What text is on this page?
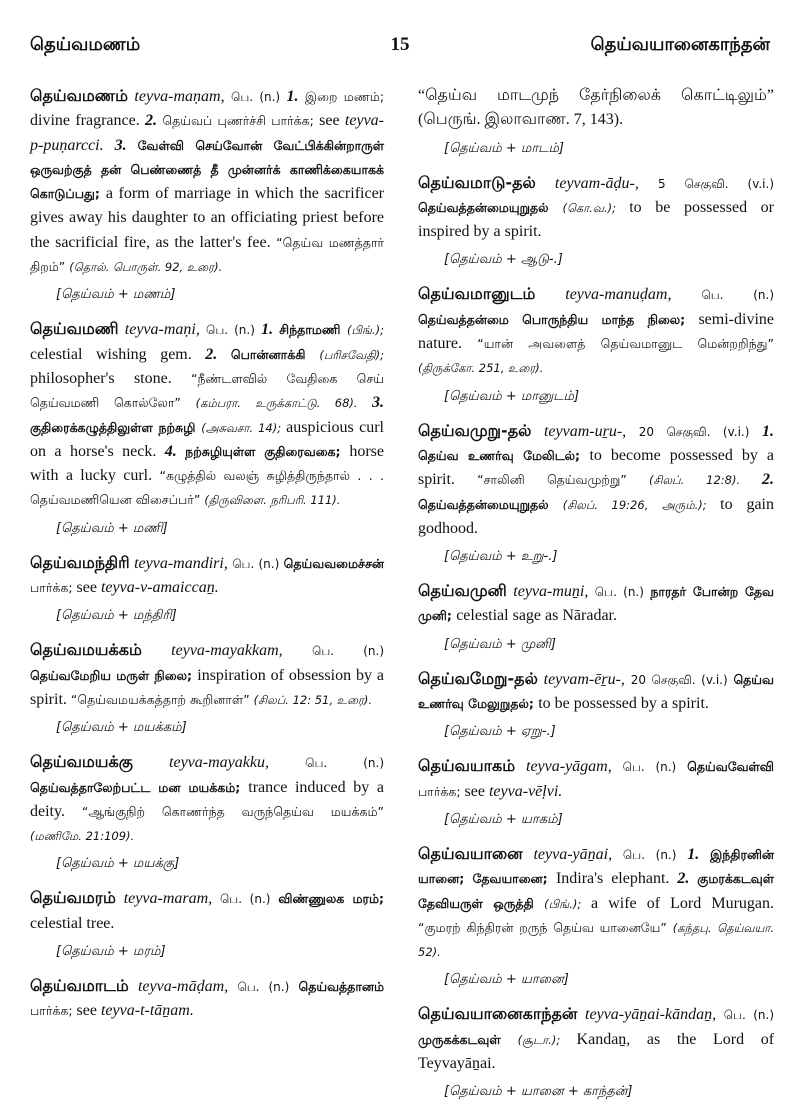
தெய்வமணம்	15	தெய்வயானைகாந்தன்

தெய்வமணம் teyva-maṇam, பெ. (n.) 1. இறை மணம்; divine fragrance. 2. தெய்வப் புணர்ச்சி பார்க்க; see teyva-p-puṇarcci. 3. வேள்வி செய்வோன் வேட்பிக்கின்றாருள் ஒருவற்குத் தன் பெண்ணைத் தீ முன்னர்க் காணிக்கையாகக் கொடுப்பது; a form of marriage in which the sacrificer gives away his daughter to an officiating priest before the sacrificial fire, as the latter's fee. “தெய்வ மணத்தார் திறம்” (தொல். பொருள். 92, உரை).

[தெய்வம் + மணம்]

தெய்வமணி teyva-maṇi, பெ. (n.) 1. சிந்தாமணி (பிங்.); celestial wishing gem. 2. பொன்னாக்கி (பரிசவேதி); philosopher's stone. “நீண்டளவில் வேதிகை செய் தெய்வமணி கொல்லோ” (கம்பரா. உருக்காட்டு. 68). 3. குதிரைக்கழுத்திலுள்ள நற்சுழி (அசுவசா. 14); auspicious curl on a horse's neck. 4. நற்சுழியுள்ள குதிரைவகை; horse with a lucky curl. “கழுத்தில் வலஞ் சுழித்திருந்தால் . . . தெய்வமணியென விசைப்பர்” (திருவிளை. நரிபரி. 111).

[தெய்வம் + மணி]

தெய்வமந்திரி teyva-mandiri, பெ. (n.) தெய்வவமைச்சன் பார்க்க; see teyva-v-amaiccaṉ.

[தெய்வம் + மந்திரி]

தெய்வமயக்கம் teyva-mayakkam, பெ. (n.) தெய்வமேறிய மருள் நிலை; inspiration of obsession by a spirit. “தெய்வமயக்கத்தாற் கூறினாள்” (சிலப். 12: 51, உரை).

[தெய்வம் + மயக்கம்]

தெய்வமயக்கு teyva-mayakku,	பெ. (n.) தெய்வத்தாலேற்பட்ட மன மயக்கம்; trance induced by a deity. “ஆங்குநிற் கொணர்ந்த வருந்தெய்வ மயக்கம்” (மணிமே. 21:109).

[தெய்வம் + மயக்கு]

தெய்வமரம் teyva-maram, பெ. (n.) விண்ணுலக மரம்; celestial tree.

[தெய்வம் + மரம்]

தெய்வமாடம் teyva-māḍam, பெ. (n.) தெய்வத்தானம் பார்க்க; see teyva-t-tāṉam.

“தெய்வ மாடமுந் தேர்நிலைக் கொட்டிலும்” (பெருங். இலாவாண. 7, 143).

[தெய்வம் + மாடம்]

தெய்வமாடு-தல் teyvam-āḍu-, 5 செகுவி. (v.i.) தெய்வத்தன்மையுறுதல் (கொ.வ.); to be possessed or inspired by a spirit.

[தெய்வம் + ஆடு-.]

தெய்வமானுடம் teyva-manuḍam, பெ. (n.) தெய்வத்தன்மை பொருந்திய மாந்த நிலை; semi-divine nature. “யான் அவளைத் தெய்வமானுட மென்றறிந்து” (திருக்கோ. 251, உரை).

[தெய்வம் + மானுடம்]

தெய்வமுறு-தல் teyvam-uṟu-, 20 செகுவி. (v.i.) 1. தெய்வ உணர்வு மேலிடல்; to become possessed by a spirit. “சாலினி தெய்வமுற்று” (சிலப். 12:8). 2. தெய்வத்தன்மையுறுதல் (சிலப். 19:26, அரும்.); to gain godhood.

[தெய்வம் + உறு-.]

தெய்வமுனி teyva-muṉi, பெ. (n.) நாரதர் போன்ற தேவ முனி; celestial sage as Nāradar.

[தெய்வம் + முனி]

தெய்வமேறு-தல் teyvam-ēṟu-, 20 செகுவி. (v.i.) தெய்வ உணர்வு மேலுறுதல்; to be possessed by a spirit.

[தெய்வம் + ஏறு-.]

தெய்வயாகம் teyva-yāgam, பெ. (n.) தெய்வவேள்வி பார்க்க; see teyva-vēḷvi.

[தெய்வம் + யாகம்]

தெய்வயானை teyva-yāṉai, பெ. (n.) 1. இந்திரனின் யானை; தேவயானை; Indira's elephant. 2. குமரக்கடவுள் தேவியருள் ஒருத்தி (பிங்.); a wife of Lord Murugan. “குமரற் கிந்திரன் றருந் தெய்வ யானையே” (கந்தபு. தெய்வயா. 52).

[தெய்வம் + யானை]

தெய்வயானைகாந்தன் teyva-yāṉai-kāndaṉ, பெ. (n.) முருகக்கடவுள் (சூடா.); Kandaṉ, as the Lord of Teyvayāṉai.

[தெய்வம் + யானை + காந்தன்]
